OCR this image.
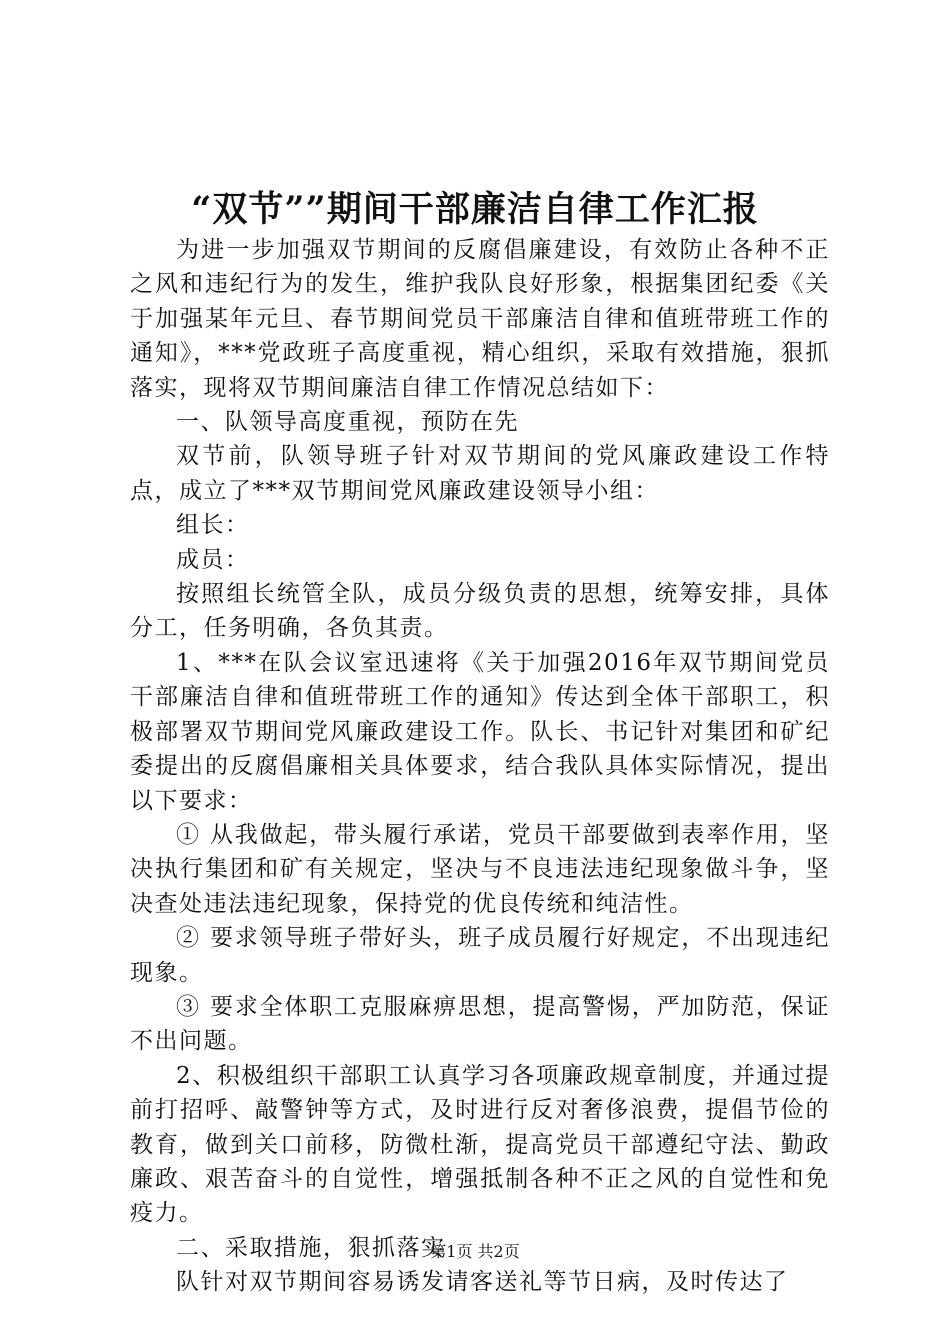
“双节””期间干部廉洁自律工作汇报

为进一步加强双节期间的反腐倡廉建设，有效防止各种不正之风和违纪行为的发生，维护我队良好形象，根据集团纪委《关于加强某年元旦、春节期间党员干部廉洁自律和值班带班工作的通知》，***党政班子高度重视，精心组织，采取有效措施，狠抓落实，现将双节期间廉洁自律工作情况总结如下：

一、队领导高度重视，预防在先

双节前，队领导班子针对双节期间的党风廉政建设工作特点，成立了***双节期间党风廉政建设领导小组：

组长：

成员：

按照组长统管全队，成员分级负责的思想，统筹安排，具体分工，任务明确，各负其责。

1、***在队会议室迅速将《关于加强2016年双节期间党员干部廉洁自律和值班带班工作的通知》传达到全体干部职工，积极部署双节期间党风廉政建设工作。队长、书记针对集团和矿纪委提出的反腐倡廉相关具体要求，结合我队具体实际情况，提出以下要求：

① 从我做起，带头履行承诺，党员干部要做到表率作用，坚决执行集团和矿有关规定，坚决与不良违法违纪现象做斗争，坚决查处违法违纪现象，保持党的优良传统和纯洁性。

② 要求领导班子带好头，班子成员履行好规定，不出现违纪现象。

③ 要求全体职工克服麻痹思想，提高警惕，严加防范，保证不出问题。

2、积极组织干部职工认真学习各项廉政规章制度，并通过提前打招呼、敲警钟等方式，及时进行反对奢侈浪费，提倡节俭的教育，做到关口前移，防微杜渐，提高党员干部遵纪守法、勤政廉政、艰苦奋斗的自觉性，增强抵制各种不正之风的自觉性和免疫力。

二、采取措施，狠抓落实

队针对双节期间容易诱发请客送礼等节日病，及时传达了

第1页 共2页
